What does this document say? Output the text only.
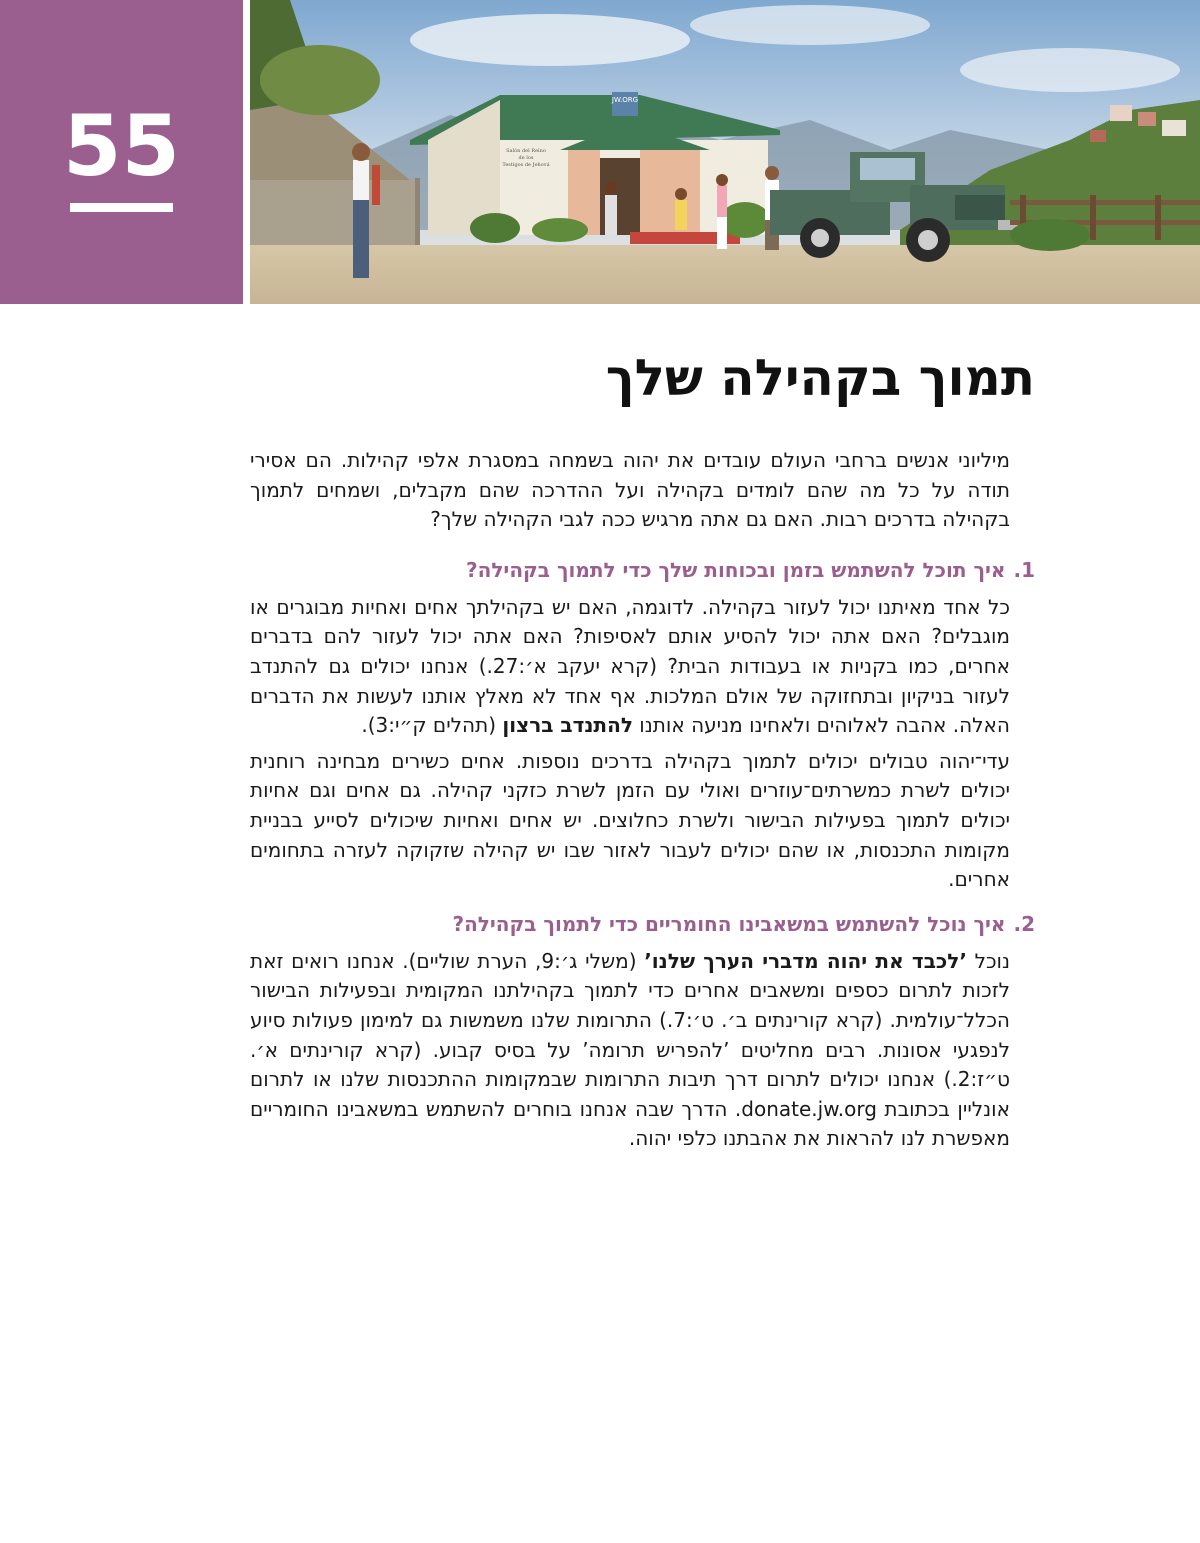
55	JW.ORG
Salón del Reino
de los
Testigos de Jehová
תמוך בקהילה שלך

מיליוני אנשים ברחבי העולם עובדים את יהוה בשמחה במסגרת אלפי קהילות. הם אסירי תודה על כל מה שהם לומדים בקהילה ועל ההדרכה שהם מקבלים, ושמחים לתמוך בקהילה בדרכים רבות. האם גם אתה מרגיש ככה לגבי הקהילה שלך?

1.איך תוכל להשתמש בזמן ובכוחות שלך כדי לתמוך בקהילה?

כל אחד מאיתנו יכול לעזור בקהילה. לדוגמה, האם יש בקהילתך אחים ואחיות מבוגרים או מוגבלים? האם אתה יכול להסיע אותם לאסיפות? האם אתה יכול לעזור להם בדברים אחרים, כמו בקניות או בעבודות הבית? (קרא יעקב א׳:27.) אנחנו יכולים גם להתנדב לעזור בניקיון ובתחזוקה של אולם המלכות. אף אחד לא מאלץ אותנו לעשות את הדברים האלה. אהבה לאלוהים ולאחינו מניעה אותנו להתנדב ברצון (תהלים ק״י:3).

עדי־יהוה טבולים יכולים לתמוך בקהילה בדרכים נוספות. אחים כשירים מבחינה רוחנית יכולים לשרת כמשרתים־עוזרים ואולי עם הזמן לשרת כזקני קהילה. גם אחים וגם אחיות יכולים לתמוך בפעילות הבישור ולשרת כחלוצים. יש אחים ואחיות שיכולים לסייע בבניית מקומות התכנסות, או שהם יכולים לעבור לאזור שבו יש קהילה שזקוקה לעזרה בתחומים אחרים.

2.איך נוכל להשתמש במשאבינו החומריים כדי לתמוך בקהילה?

נוכל ’לכבד את יהוה מדברי הערך שלנו’ (משלי ג׳:9, הערת שוליים). אנחנו רואים זאת לזכות לתרום כספים ומשאבים אחרים כדי לתמוך בקהילתנו המקומית ובפעילות הבישור הכלל־עולמית. (קרא קורינתים ב׳. ט׳:7.) התרומות שלנו משמשות גם למימון פעולות סיוע לנפגעי אסונות. רבים מחליטים ’להפריש תרומה’ על בסיס קבוע. (קרא קורינתים א׳. ט״ז:2.) אנחנו יכולים לתרום דרך תיבות התרומות שבמקומות ההתכנסות שלנו או לתרום אונליין בכתובת donate.jw.org. הדרך שבה אנחנו בוחרים להשתמש במשאבינו החומריים מאפשרת לנו להראות את אהבתנו כלפי יהוה.
